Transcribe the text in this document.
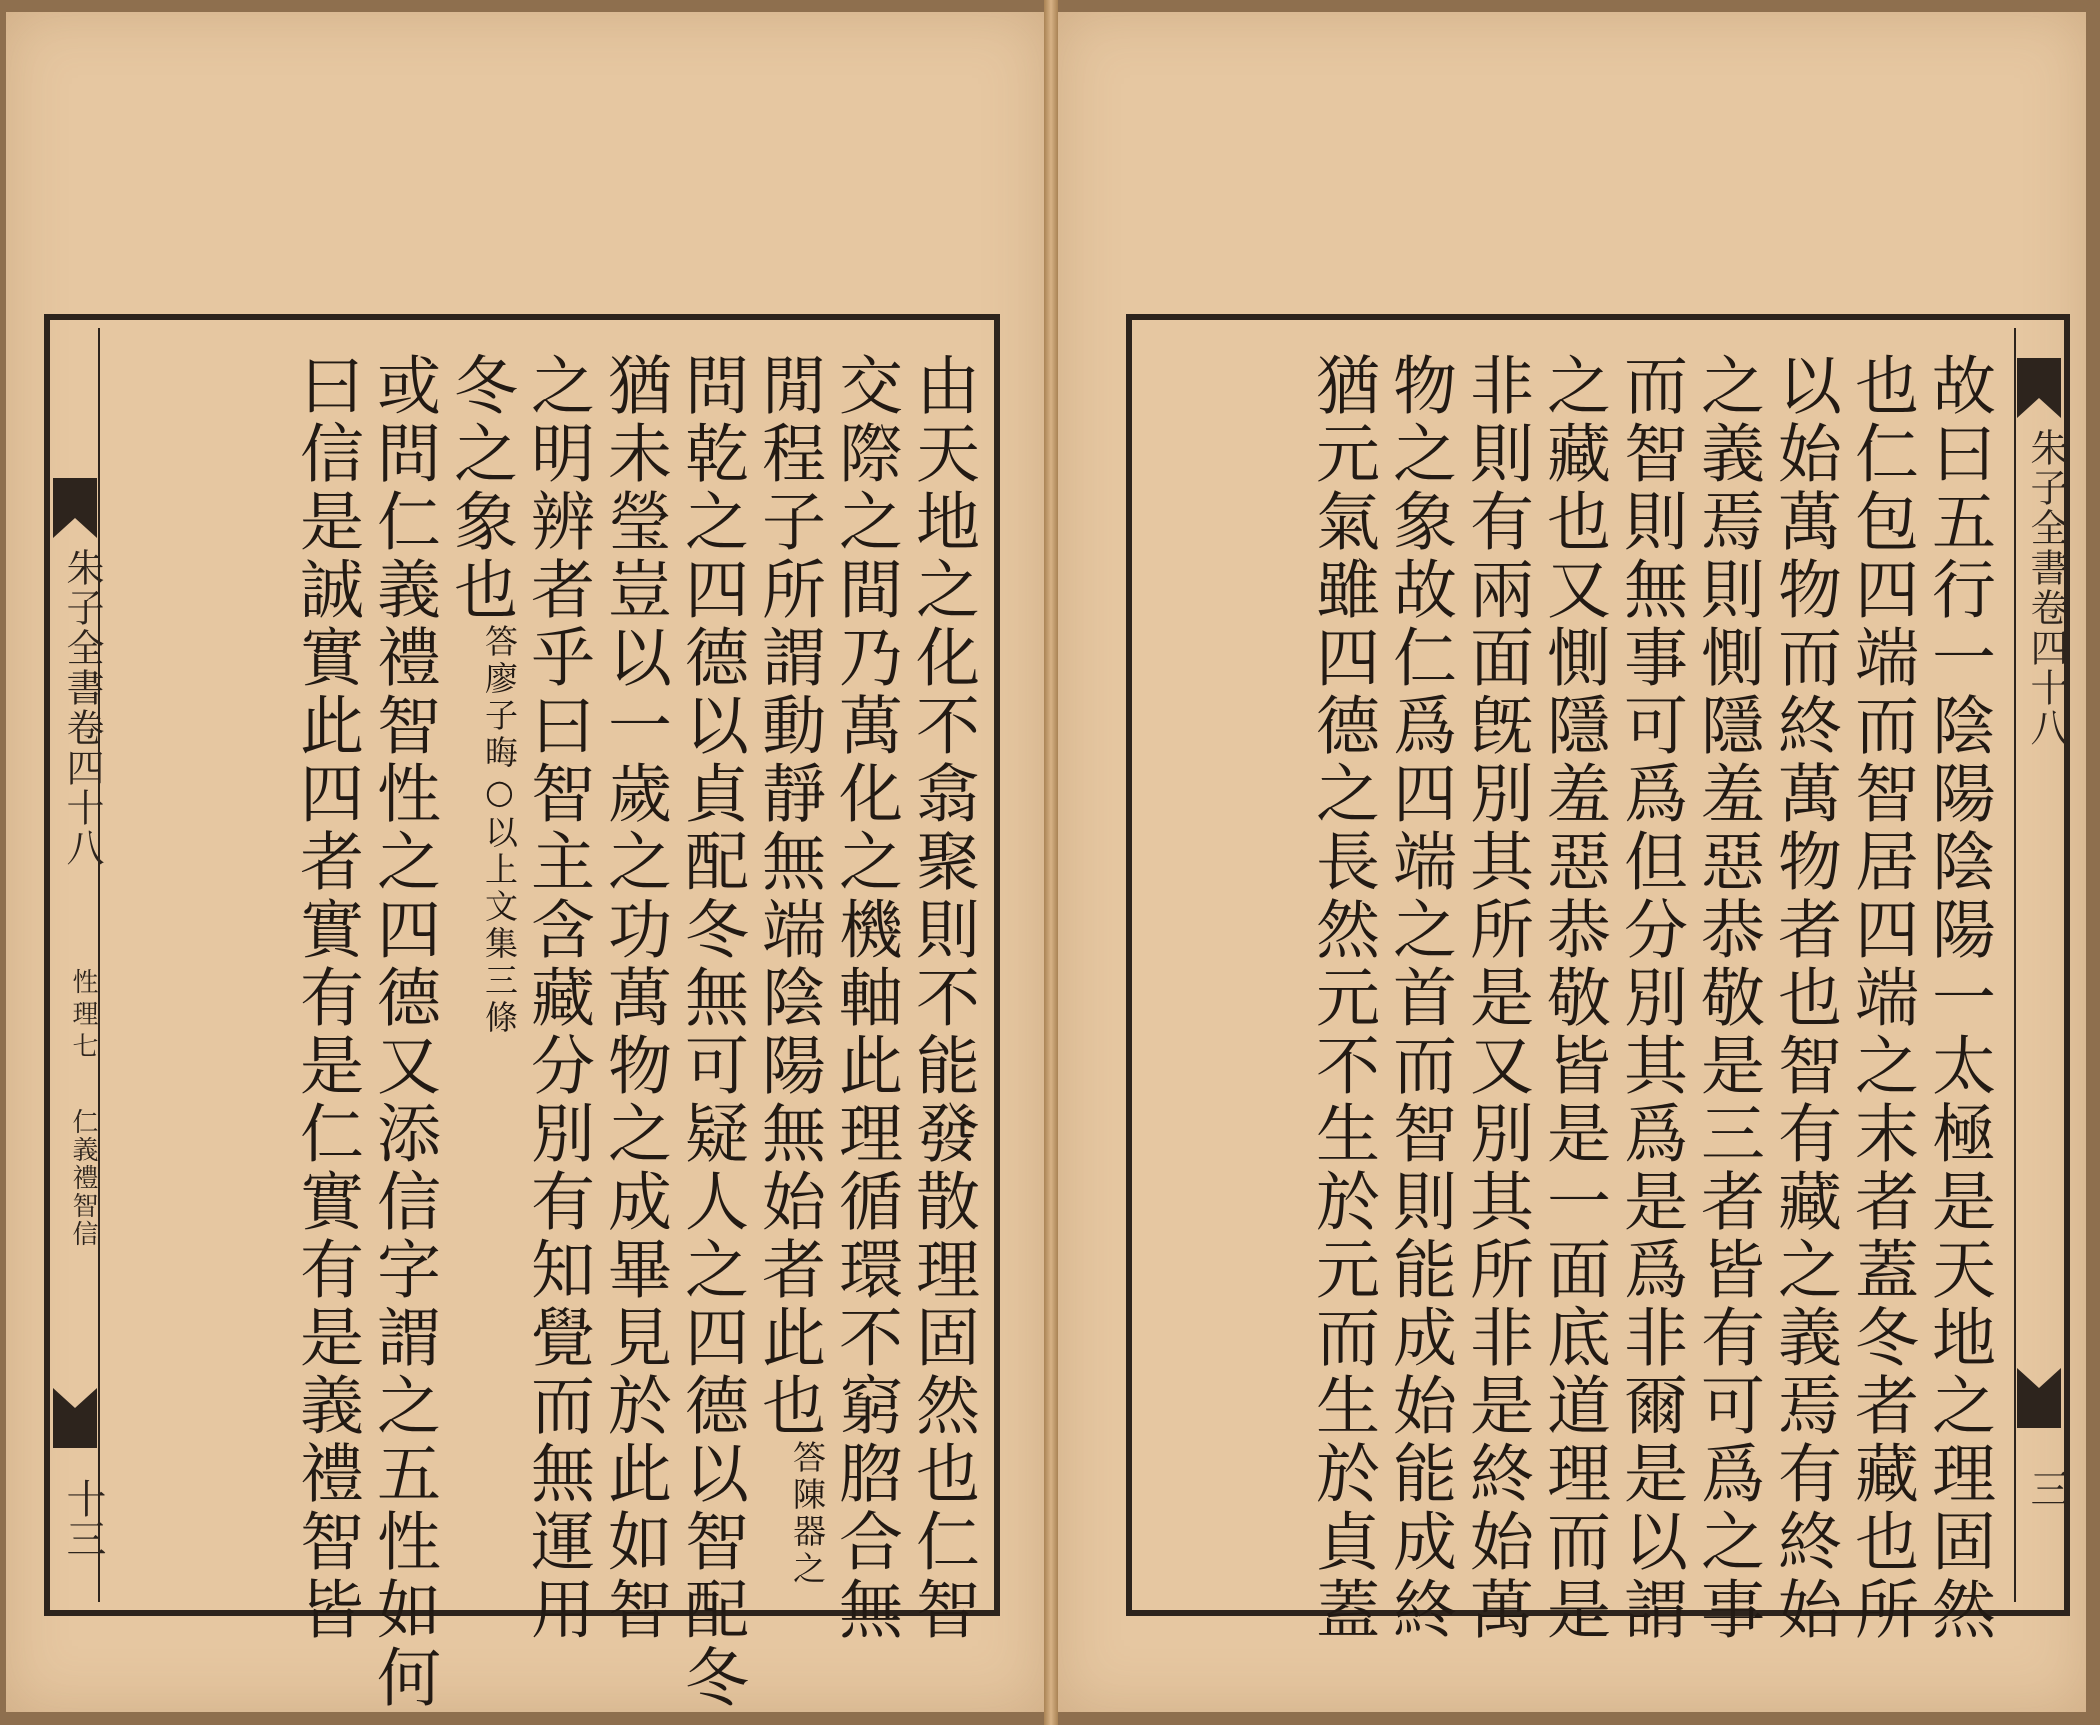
朱子全書卷四十八
性理七
仁義禮智信
十三	由天地之化不翕聚則不能發散理固然也仁智
交際之間乃萬化之機軸此理循環不窮脗合無
閒程子所謂動靜無端陰陽無始者此也答陳器之
問乾之四德以貞配冬無可疑人之四德以智配冬
猶未瑩豈以一歲之功萬物之成畢見於此如智
之明辨者乎曰智主含藏分別有知覺而無運用
冬之象也答廖子晦○以上文集三條
或問仁義禮智性之四德又添信字謂之五性如何
曰信是誠實此四者實有是仁實有是義禮智皆	朱子全書卷四十八
三
故曰五行一陰陽陰陽一太極是天地之理固然
也仁包四端而智居四端之末者蓋冬者藏也所
以始萬物而終萬物者也智有藏之義焉有終始
之義焉則惻隱羞惡恭敬是三者皆有可爲之事
而智則無事可爲但分別其爲是爲非爾是以謂
之藏也又惻隱羞惡恭敬皆是一面底道理而是
非則有兩面旣別其所是又別其所非是終始萬
物之象故仁爲四端之首而智則能成始能成終
猶元氣雖四德之長然元不生於元而生於貞蓋
